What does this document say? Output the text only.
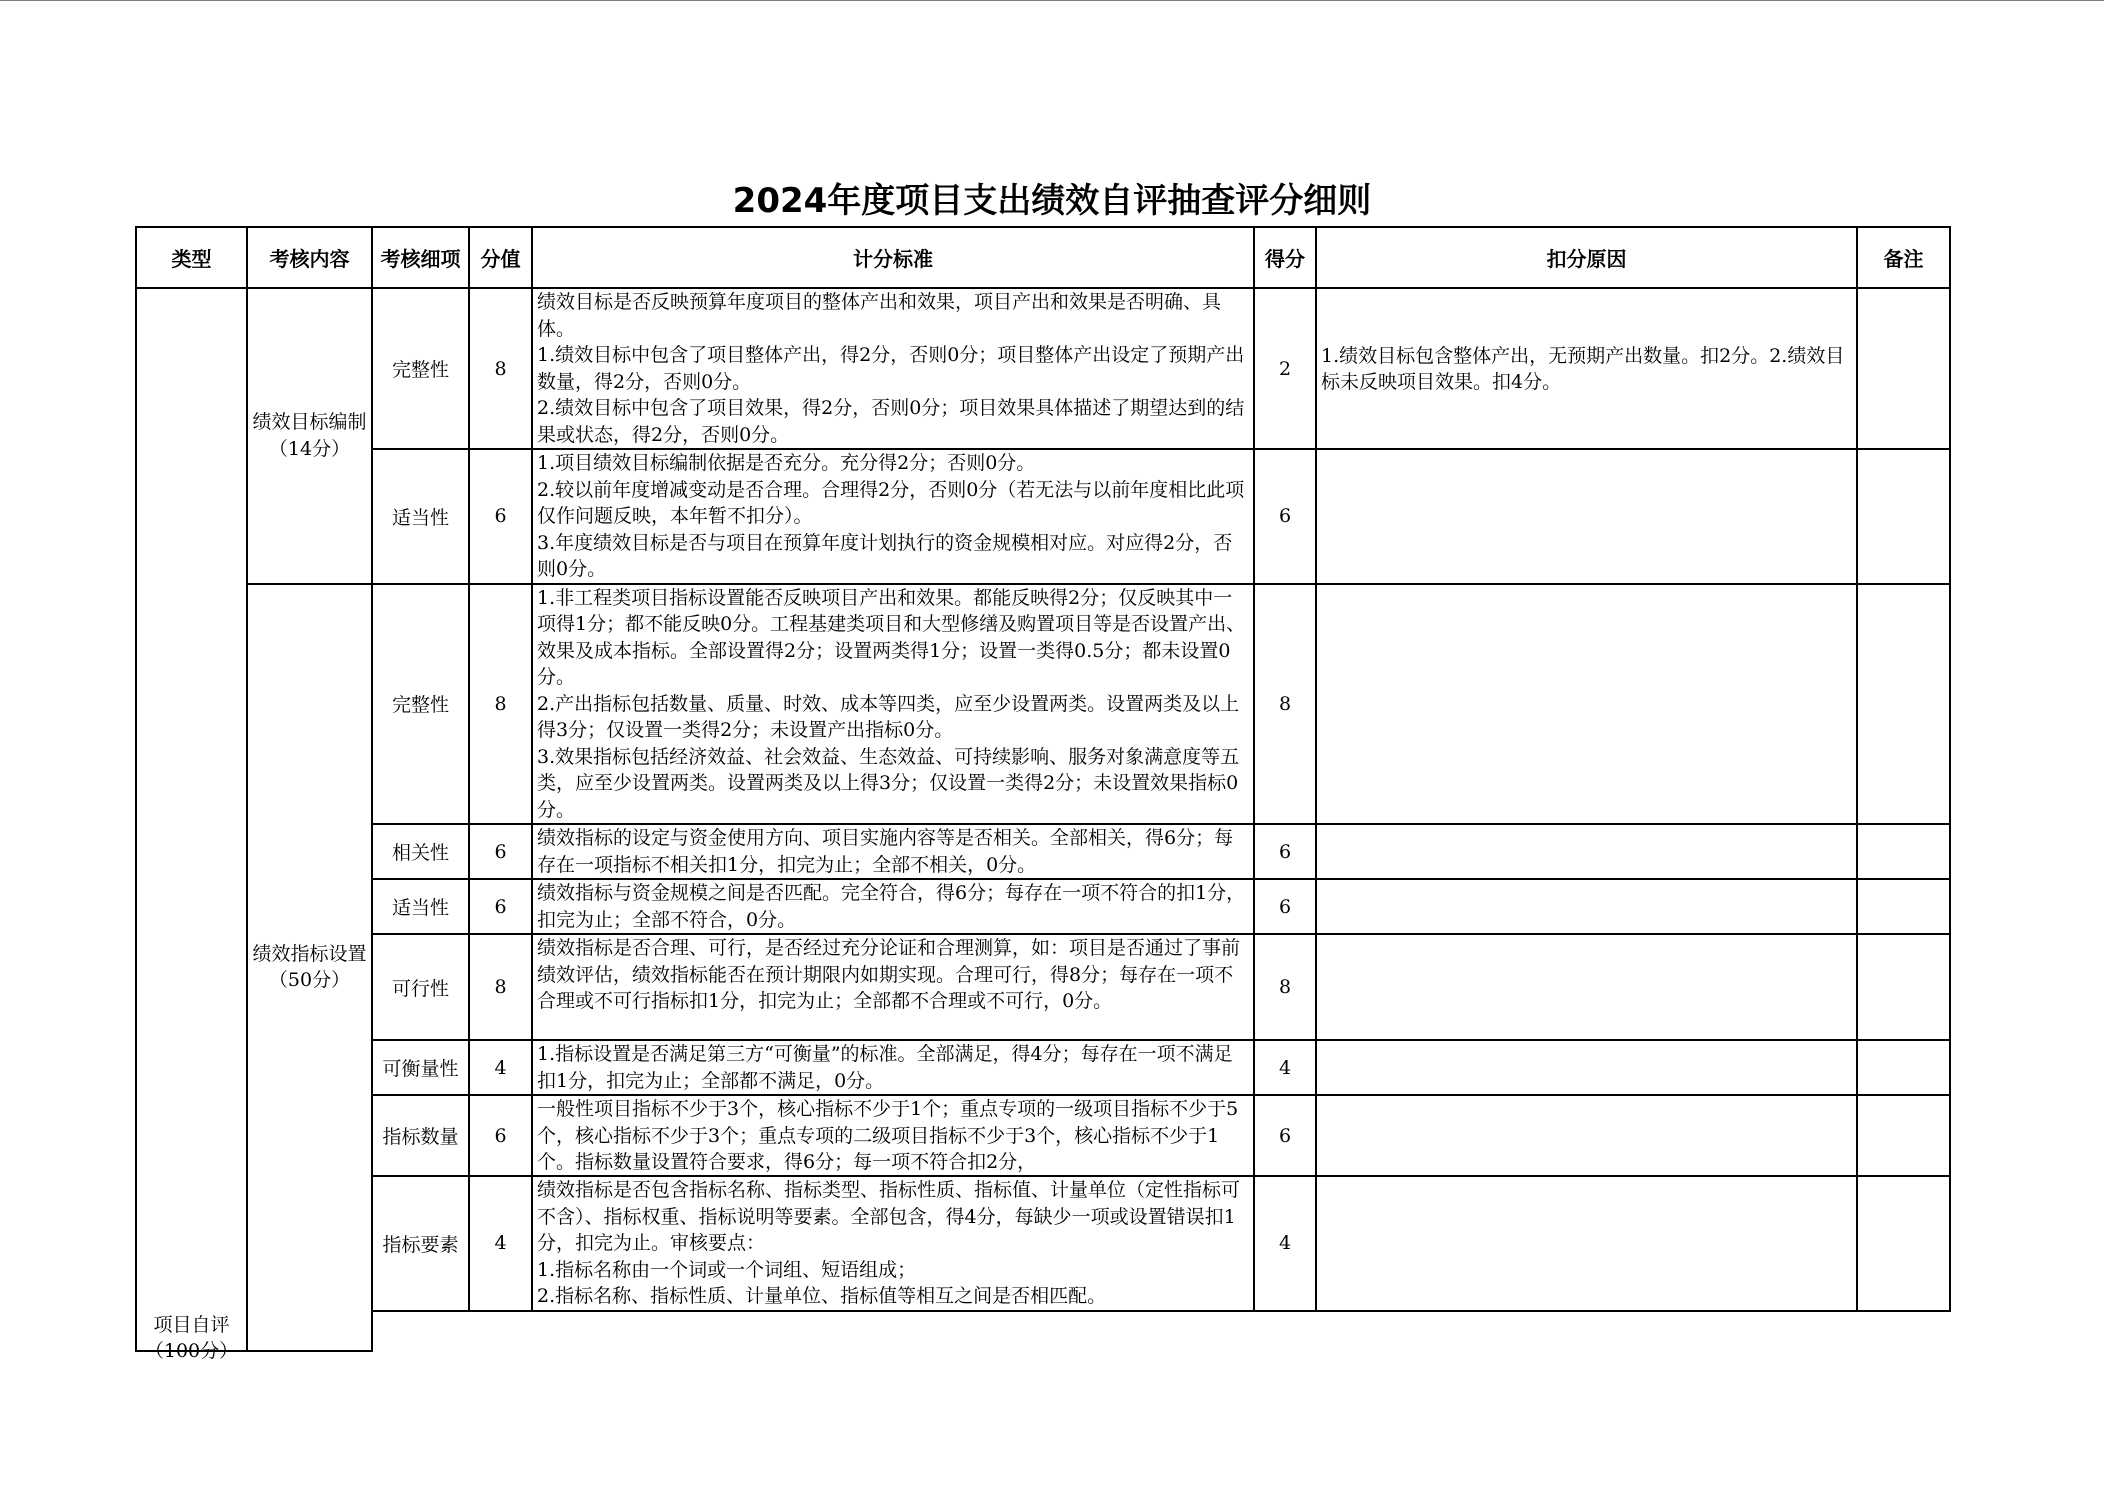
2024年度项目支出绩效自评抽查评分细则
类型	考核内容	考核细项	分值	计分标准	得分	扣分原因	备注

项目自评（100分）	绩效目标编制（14分）	完整性	8	绩效目标是否反映预算年度项目的整体产出和效果，项目产出和效果是否明确、具体。
1.绩效目标中包含了项目整体产出，得2分，否则0分；项目整体产出设定了预期产出数量，得2分，否则0分。
2.绩效目标中包含了项目效果，得2分，否则0分；项目效果具体描述了期望达到的结果或状态，得2分，否则0分。	2	1.绩效目标包含整体产出，无预期产出数量。扣2分。2.绩效目标未反映项目效果。扣4分。	
		适当性	6	1.项目绩效目标编制依据是否充分。充分得2分；否则0分。
2.较以前年度增减变动是否合理。合理得2分，否则0分（若无法与以前年度相比此项仅作问题反映，本年暂不扣分）。
3.年度绩效目标是否与项目在预算年度计划执行的资金规模相对应。对应得2分，否则0分。	6		
	绩效指标设置（50分）	完整性	8	1.非工程类项目指标设置能否反映项目产出和效果。都能反映得2分；仅反映其中一项得1分；都不能反映0分。工程基建类项目和大型修缮及购置项目等是否设置产出、效果及成本指标。全部设置得2分；设置两类得1分；设置一类得0.5分；都未设置0分。
2.产出指标包括数量、质量、时效、成本等四类，应至少设置两类。设置两类及以上得3分；仅设置一类得2分；未设置产出指标0分。
3.效果指标包括经济效益、社会效益、生态效益、可持续影响、服务对象满意度等五类，应至少设置两类。设置两类及以上得3分；仅设置一类得2分；未设置效果指标0分。	8		
		相关性	6	绩效指标的设定与资金使用方向、项目实施内容等是否相关。全部相关，得6分；每存在一项指标不相关扣1分，扣完为止；全部不相关，0分。	6		
		适当性	6	绩效指标与资金规模之间是否匹配。完全符合，得6分；每存在一项不符合的扣1分，扣完为止；全部不符合，0分。	6		
		可行性	8	绩效指标是否合理、可行，是否经过充分论证和合理测算，如：项目是否通过了事前绩效评估，绩效指标能否在预计期限内如期实现。合理可行，得8分；每存在一项不合理或不可行指标扣1分，扣完为止；全部都不合理或不可行，0分。	8		
		可衡量性	4	1.指标设置是否满足第三方“可衡量”的标准。全部满足，得4分；每存在一项不满足扣1分，扣完为止；全部都不满足，0分。	4		
		指标数量	6	一般性项目指标不少于3个，核心指标不少于1个；重点专项的一级项目指标不少于5个，核心指标不少于3个；重点专项的二级项目指标不少于3个，核心指标不少于1个。指标数量设置符合要求，得6分；每一项不符合扣2分，	6		
		指标要素	4	绩效指标是否包含指标名称、指标类型、指标性质、指标值、计量单位（定性指标可不含）、指标权重、指标说明等要素。全部包含，得4分，每缺少一项或设置错误扣1分，扣完为止。审核要点：
1.指标名称由一个词或一个词组、短语组成；
2.指标名称、指标性质、计量单位、指标值等相互之间是否相匹配。	4		
